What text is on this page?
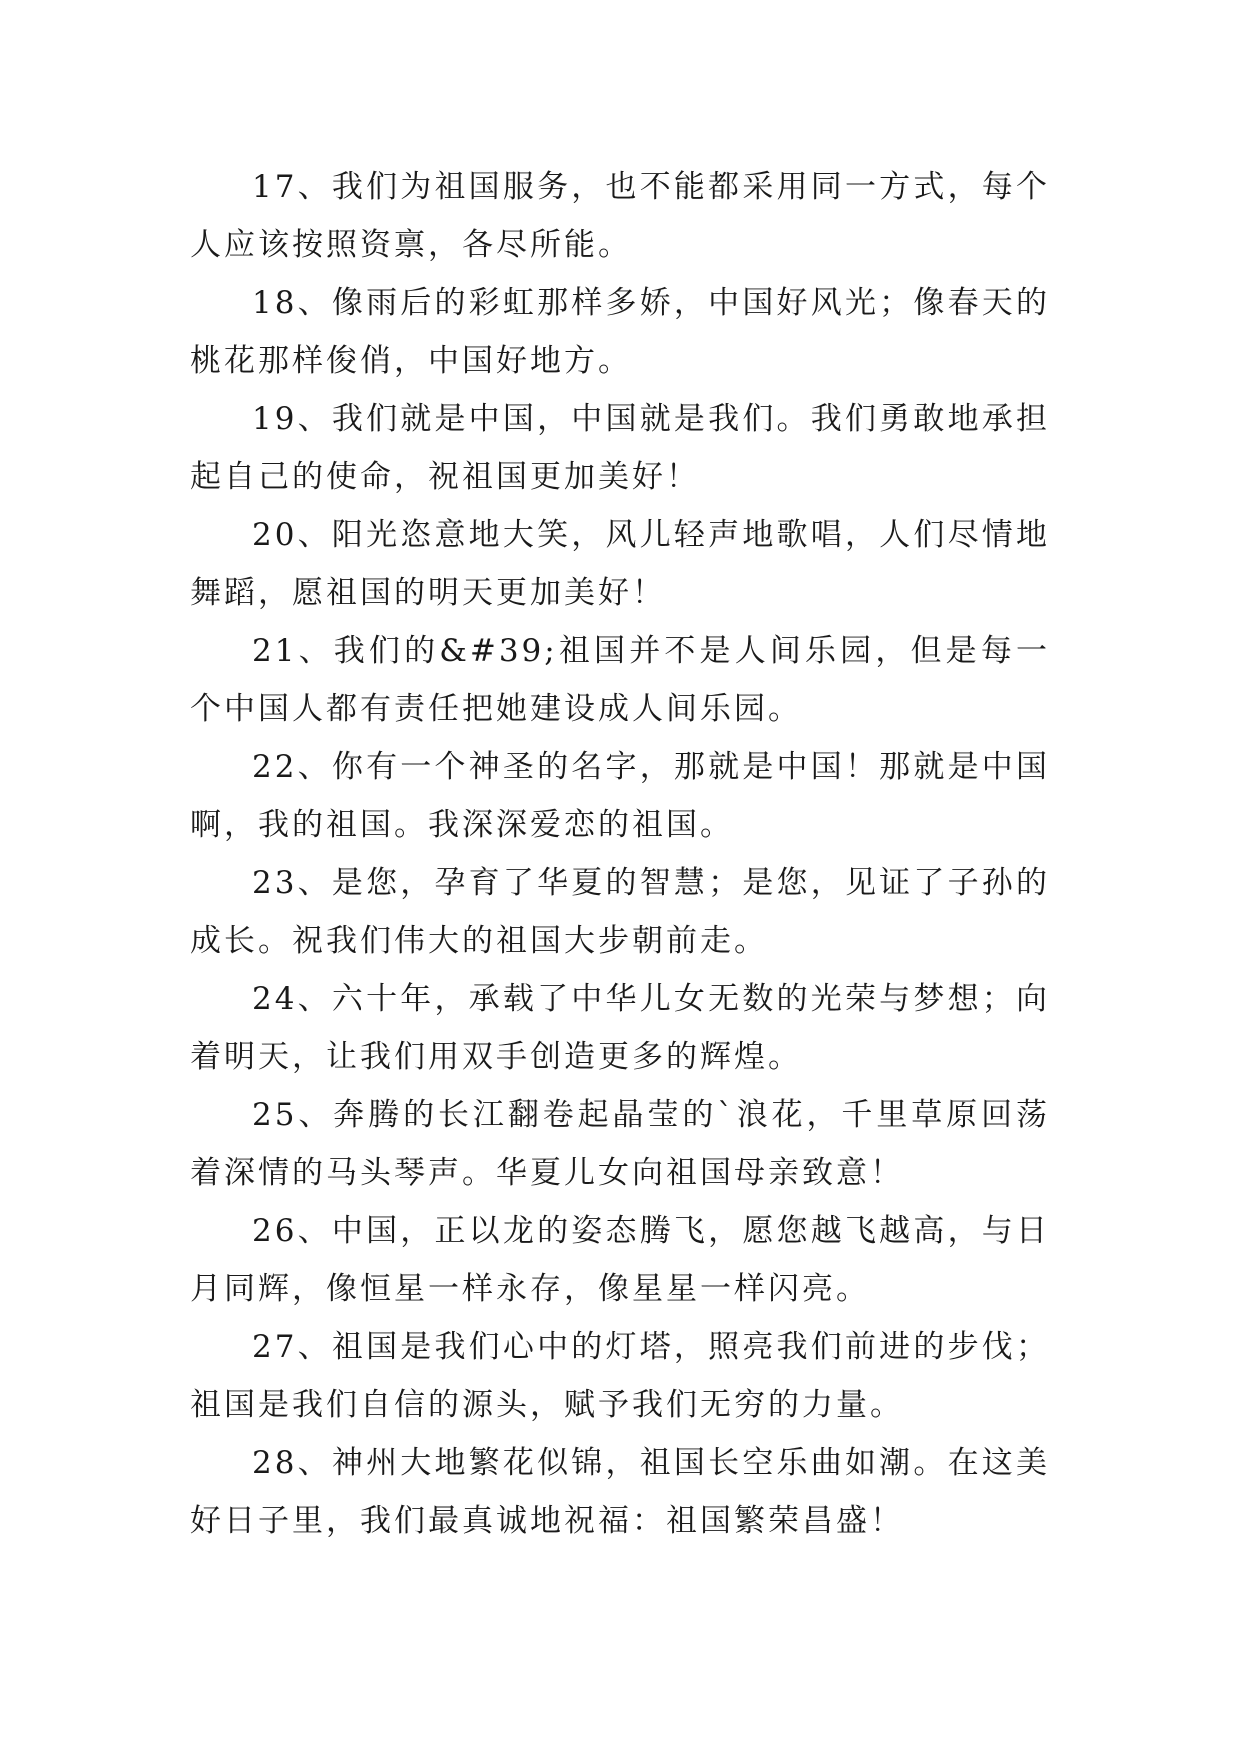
17、我们为祖国服务，也不能都采用同一方式，每个人应该按照资禀，各尽所能。

18、像雨后的彩虹那样多娇，中国好风光；像春天的桃花那样俊俏，中国好地方。

19、我们就是中国，中国就是我们。我们勇敢地承担起自己的使命，祝祖国更加美好！

20、阳光恣意地大笑，风儿轻声地歌唱，人们尽情地舞蹈，愿祖国的明天更加美好！

21、我们的&#39;祖国并不是人间乐园，但是每一个中国人都有责任把她建设成人间乐园。

22、你有一个神圣的名字，那就是中国！那就是中国啊，我的祖国。我深深爱恋的祖国。

23、是您，孕育了华夏的智慧；是您，见证了子孙的成长。祝我们伟大的祖国大步朝前走。

24、六十年，承载了中华儿女无数的光荣与梦想；向着明天，让我们用双手创造更多的辉煌。

25、奔腾的长江翻卷起晶莹的`浪花，千里草原回荡着深情的马头琴声。华夏儿女向祖国母亲致意！

26、中国，正以龙的姿态腾飞，愿您越飞越高，与日月同辉，像恒星一样永存，像星星一样闪亮。

27、祖国是我们心中的灯塔，照亮我们前进的步伐；祖国是我们自信的源头，赋予我们无穷的力量。

28、神州大地繁花似锦，祖国长空乐曲如潮。在这美好日子里，我们最真诚地祝福：祖国繁荣昌盛！
